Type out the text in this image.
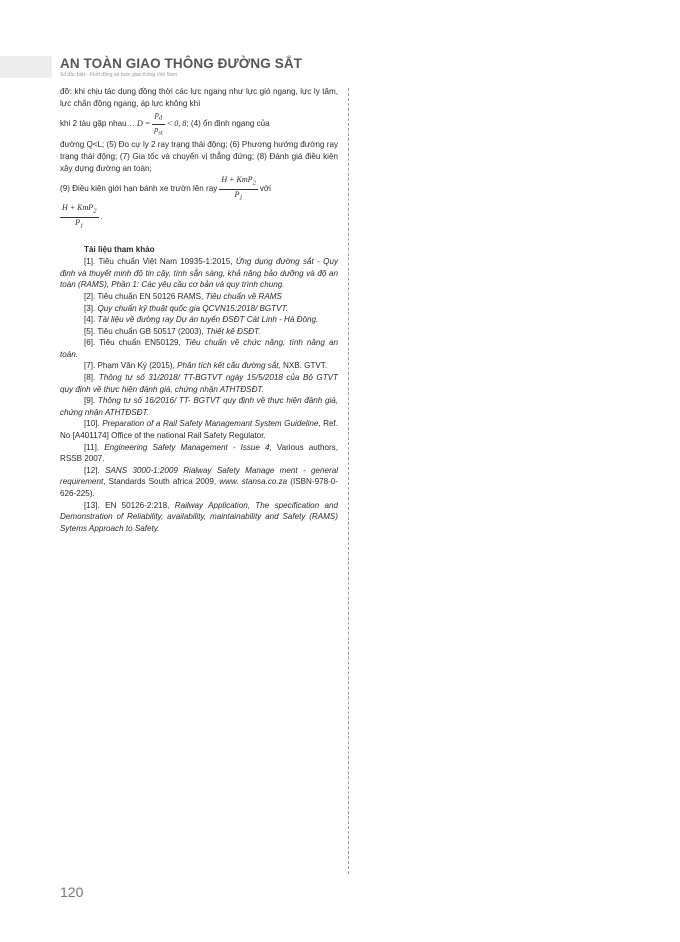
AN TOÀN GIAO THÔNG ĐƯỜNG SẮT
Số đặc biệt - Khởi động an toàn giao thông Việt Nam

đỡ: khi chịu tác dụng đồng thời các lực ngang như lực gió ngang, lực ly tâm, lực chấn động ngang, áp lực không khí

khi 2 tàu gặp nhau… $D = \frac{p_d}{p_{st}} < 0$, 8; (4) ổn định ngang của

đường Q<L; (5) Đo cự ly 2 ray trạng thái động; (6) Phương hướng đường ray trạng thái động; (7) Gia tốc và chuyển vị thẳng đứng; (8) Đánh giá điều kiện xây dựng đường an toàn;

(9) Điều kiện giới hạn bánh xe trườn lên ray $\frac{H + KmP_2}{P_1}$ với
$\frac{H + KmP_2}{P_1}$ .

Tài liệu tham khảo

[1]. Tiêu chuẩn Việt Nam 10935-1:2015, Ứng dụng đường sắt - Quy định và thuyết minh độ tin cậy, tính sẵn sàng, khả năng bảo dưỡng và độ an toàn (RAMS), Phần 1: Các yêu cầu cơ bản và quy trình chung.

[2]. Tiêu chuẩn EN 50126 RAMS, Tiêu chuẩn về RAMS

[3]. Quy chuẩn kỹ thuật quốc gia QCVN15:2018/ BGTVT.

[4]. Tài liệu về đường ray Dự án tuyến ĐSĐT Cát Linh - Hà Đông.

[5]. Tiêu chuẩn GB 50517 (2003), Thiết kế ĐSĐT.

[6]. Tiêu chuẩn EN50129, Tiêu chuẩn về chức năng, tính năng an toàn.

[7]. Phạm Văn Ký (2015), Phân tích kết cấu đường sắt, NXB. GTVT.

[8]. Thông tư số 31/2018/ TT-BGTVT ngày 15/5/2018 của Bộ GTVT quy định về thực hiện đánh giá, chứng nhận ATHTĐSĐT.

[9]. Thông tư số 16/2016/ TT- BGTVT quy định về thực hiện đánh giá, chứng nhận ATHTĐSĐT.

[10]. Preparation of a Rail Safety Managemant System Guideline, Ref. No [A401174] Office of the national Rail Safety Regulator.

[11]. Engineering Safety Management - Issue 4, Various authors, RSSB 2007.

[12]. SANS 3000-1:2009 Rialway Safety Manage ment - general requirement, Standards South africa 2009, www. stansa.co.za (ISBN-978-0-626-225).

[13]. EN 50126-2:218, Railway Application, The specification and Demonstration of Reliability, availability, maintainability and Safety (RAMS) Sytems Approach to Safety.

120
